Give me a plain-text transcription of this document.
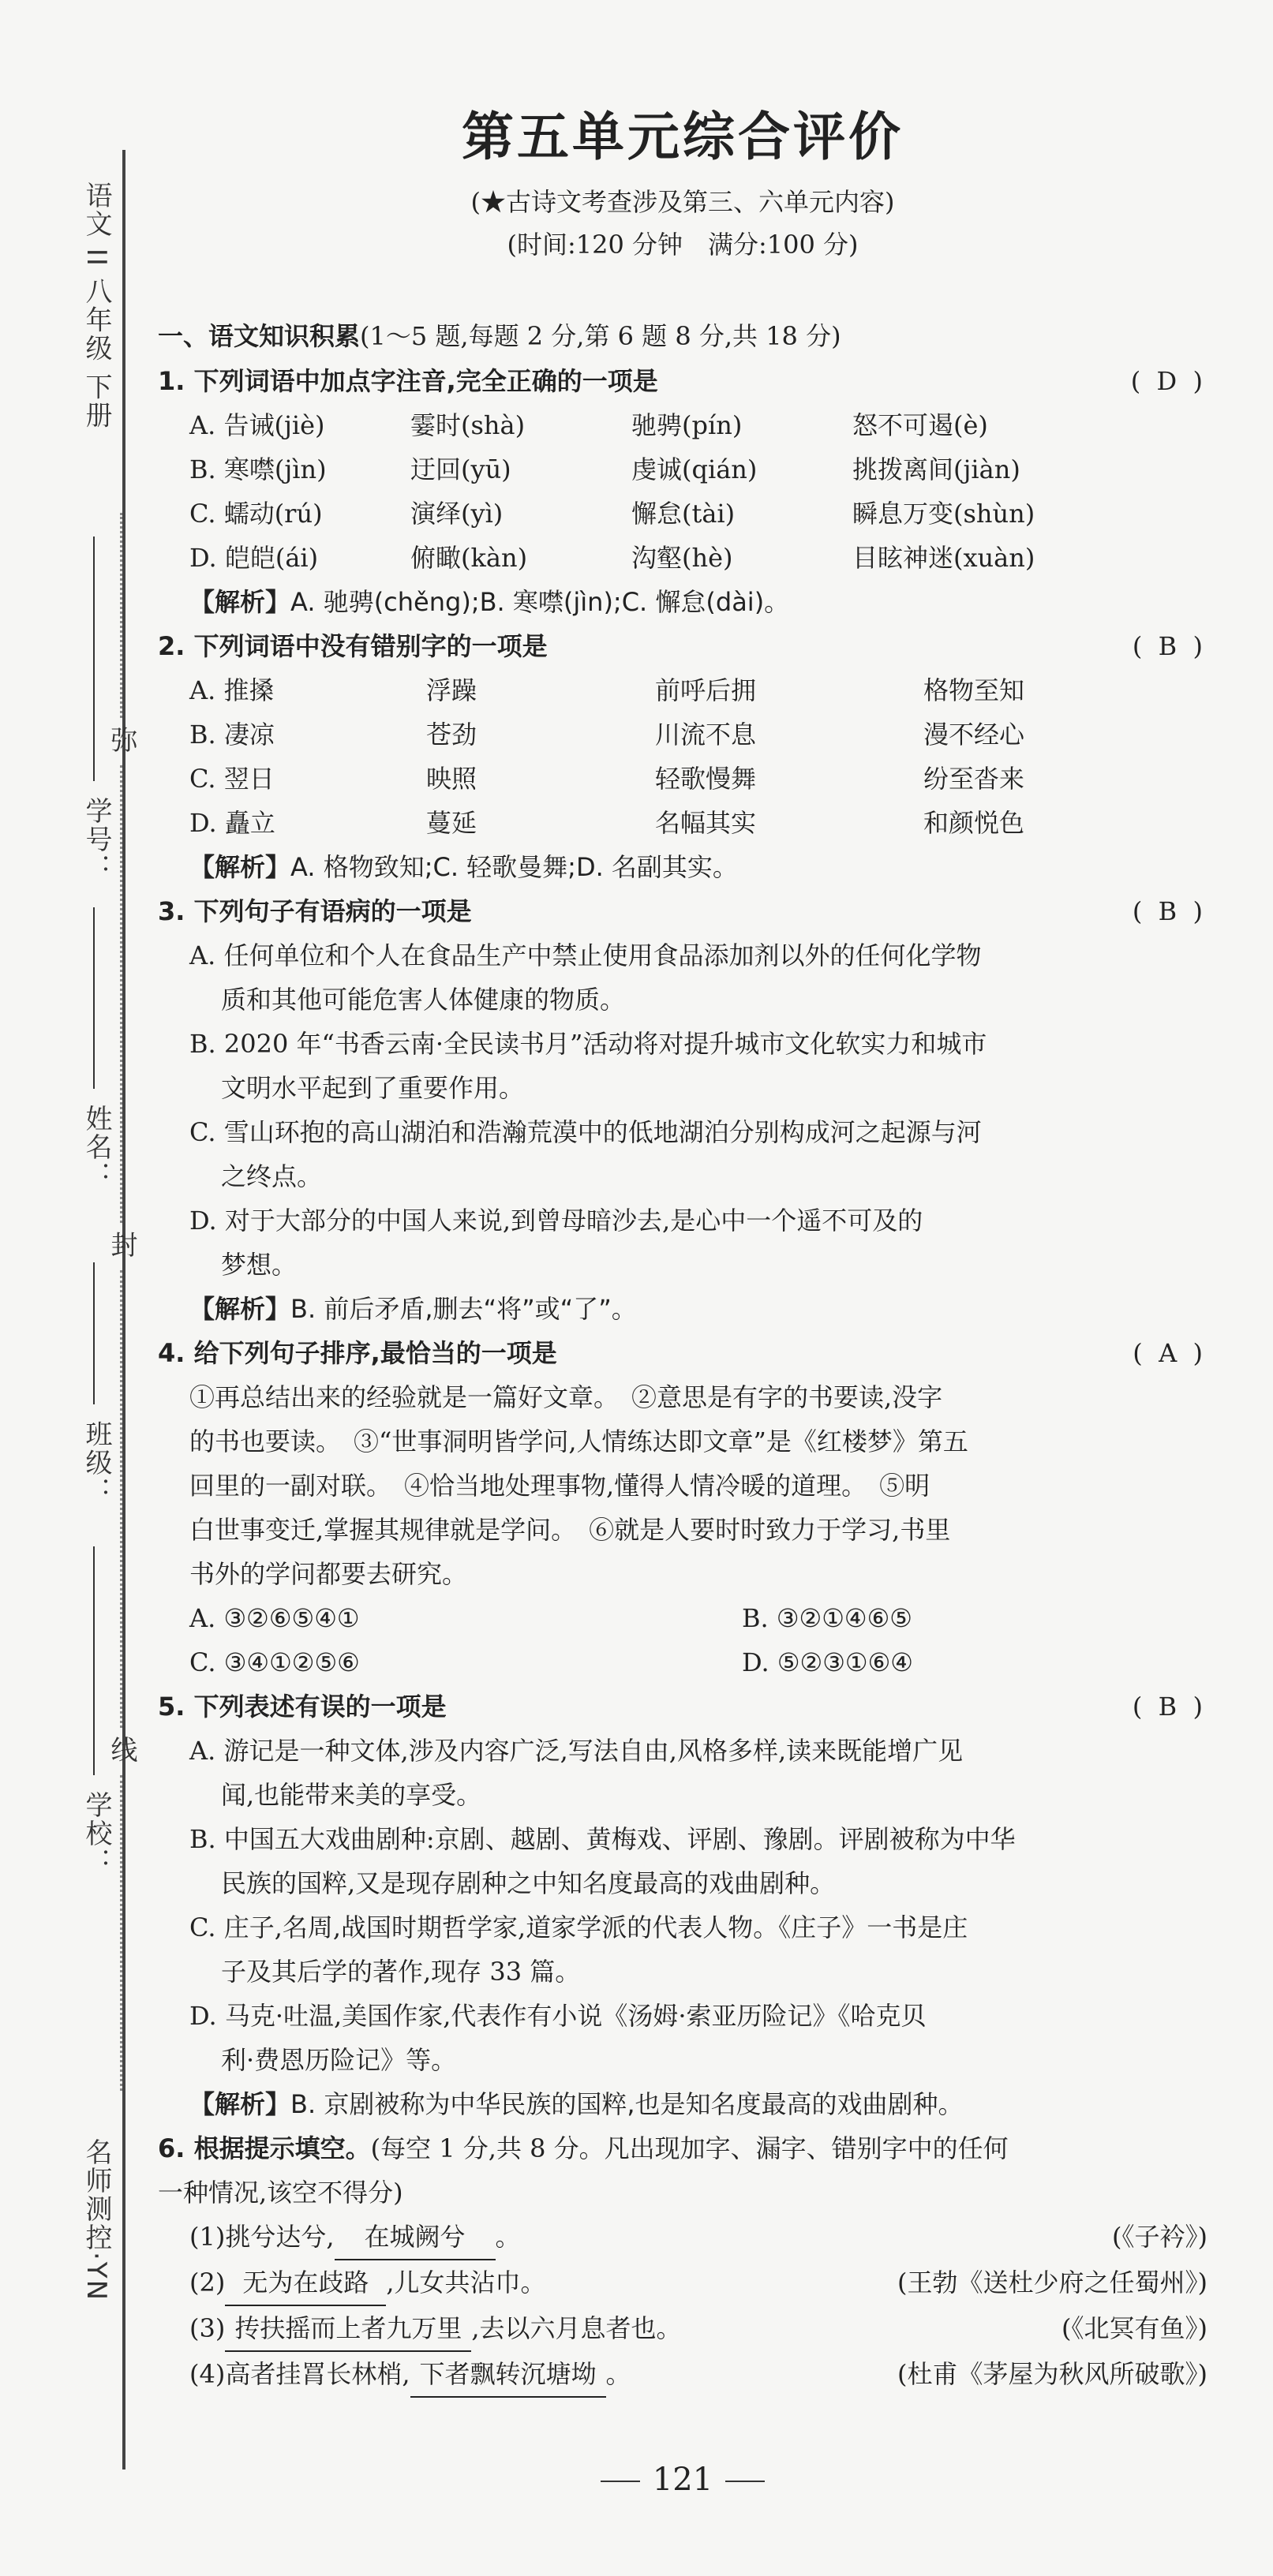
语文 II 八年级 下册
名师测控·YN
学号：
姓名：
班级：
学校：
弥
封
线
第五单元综合评价
(★古诗文考查涉及第三、六单元内容)
(时间:120 分钟　满分:100 分)
一、语文知识积累(1～5 题,每题 2 分,第 6 题 8 分,共 18 分)
1. 下列词语中加点字注音,完全正确的一项是	(  D  )
A. 告诫(jiè)	霎时(shà)	驰骋(pín)	怒不可遏(è)
B. 寒噤(jìn)	迂回(yū)	虔诚(qián)	挑拨离间(jiàn)
C. 蠕动(rú)	演绎(yì)	懈怠(tài)	瞬息万变(shùn)
D. 皑皑(ái)	俯瞰(kàn)	沟壑(hè)	目眩神迷(xuàn)
【解析】A. 驰骋(chěng);B. 寒噤(jìn);C. 懈怠(dài)。
2. 下列词语中没有错别字的一项是	(  B  )
A. 推搡	浮躁	前呼后拥	格物至知
B. 凄凉	苍劲	川流不息	漫不经心
C. 翌日	映照	轻歌慢舞	纷至沓来
D. 矗立	蔓延	名幅其实	和颜悦色
【解析】A. 格物致知;C. 轻歌曼舞;D. 名副其实。
3. 下列句子有语病的一项是	(  B  )
A. 任何单位和个人在食品生产中禁止使用食品添加剂以外的任何化学物
质和其他可能危害人体健康的物质。
B. 2020 年“书香云南·全民读书月”活动将对提升城市文化软实力和城市
文明水平起到了重要作用。
C. 雪山环抱的高山湖泊和浩瀚荒漠中的低地湖泊分别构成河之起源与河
之终点。
D. 对于大部分的中国人来说,到曾母暗沙去,是心中一个遥不可及的
梦想。
【解析】B. 前后矛盾,删去“将”或“了”。
4. 给下列句子排序,最恰当的一项是	(  A  )
①再总结出来的经验就是一篇好文章。　②意思是有字的书要读,没字
的书也要读。　③“世事洞明皆学问,人情练达即文章”是《红楼梦》第五
回里的一副对联。　④恰当地处理事物,懂得人情冷暖的道理。　⑤明
白世事变迁,掌握其规律就是学问。　⑥就是人要时时致力于学习,书里
书外的学问都要去研究。
A. ③②⑥⑤④①	B. ③②①④⑥⑤
C. ③④①②⑤⑥	D. ⑤②③①⑥④
5. 下列表述有误的一项是	(  B  )
A. 游记是一种文体,涉及内容广泛,写法自由,风格多样,读来既能增广见
闻,也能带来美的享受。
B. 中国五大戏曲剧种:京剧、越剧、黄梅戏、评剧、豫剧。评剧被称为中华
民族的国粹,又是现存剧种之中知名度最高的戏曲剧种。
C. 庄子,名周,战国时期哲学家,道家学派的代表人物。《庄子》一书是庄
子及其后学的著作,现存 33 篇。
D. 马克·吐温,美国作家,代表作有小说《汤姆·索亚历险记》《哈克贝
利·费恩历险记》等。
【解析】B. 京剧被称为中华民族的国粹,也是知名度最高的戏曲剧种。
6. 根据提示填空。 (每空 1 分,共 8 分。凡出现加字、漏字、错别字中的任何
一种情况,该空不得分)
(1)挑兮达兮, 在城阙兮 。	(《子衿》)
(2) 无为在歧路 ,儿女共沾巾。	(王勃《送杜少府之任蜀州》)
(3) 抟扶摇而上者九万里 ,去以六月息者也。	(《北冥有鱼》)
(4)高者挂罥长林梢, 下者飘转沉塘坳 。	(杜甫《茅屋为秋风所破歌》)
121
